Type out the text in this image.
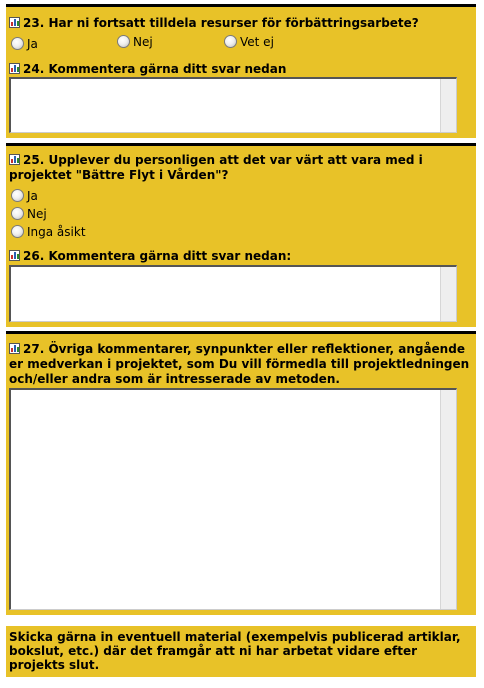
23. Har ni fortsatt tilldela resurser för förbättringsarbete?
Ja	Nej	Vet ej
24. Kommentera gärna ditt svar nedan
25. Upplever du personligen att det var värt att vara med i projektet "Bättre Flyt i Vården"?
Ja
Nej
Inga åsikt
26. Kommentera gärna ditt svar nedan:
27. Övriga kommentarer, synpunkter eller reflektioner, angående er medverkan i projektet, som Du vill förmedla till projektledningen och/eller andra som är intresserade av metoden.
Skicka gärna in eventuell material (exempelvis publicerad artiklar, bokslut, etc.) där det framgår att ni har arbetat vidare efter projekts slut.
